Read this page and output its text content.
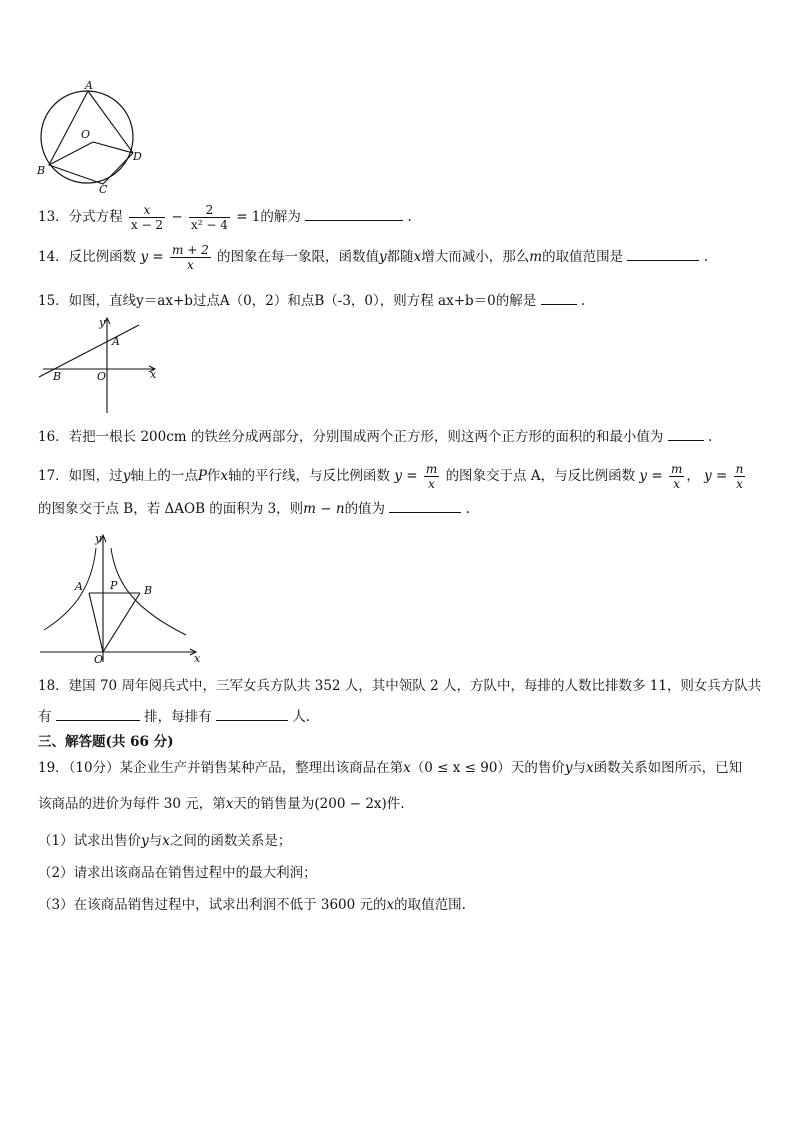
A
O
B
C
D
13．分式方程 $\frac{x}{x - 2} - \frac{2}{\text{x² − 4}} = 1$的解为	.
14．反比例函数 $y = \frac{m + 2}{x}$ 的图象在每一象限，函数值y都随x增大而减小，那么m的取值范围是	.
15．如图，直线y＝ax+b过点A（0，2）和点B（-3，0），则方程 ax+b＝0的解是	.
y
A
B	O	x
16．若把一根长 200cm 的铁丝分成两部分，分别围成两个正方形，则这两个正方形的面积的和最小值为	.
17．如图，过y轴上的一点P作x轴的平行线，与反比例函数 $y = \frac{m}{x}$ 的图象交于点 A，与反比例函数 $y = \frac{m}{x}$ ， $y = \frac{n}{x}$
的图象交于点 B，若 ΔAOB 的面积为 3，则m − n的值为	.
y
A P B
O	x
18．建国 70 周年阅兵式中，三军女兵方队共 352 人，其中领队 2 人，方队中，每排的人数比排数多 11，则女兵方队共
有	排，每排有	人.
三、解答题(共 66 分)
19．（10分）某企业生产并销售某种产品，整理出该商品在第x（0 ≤ x ≤ 90）天的售价y与x函数关系如图所示，已知
该商品的进价为每件 30 元，第x天的销售量为(200 − 2x)件.
（1）试求出售价y与x之间的函数关系是；
（2）请求出该商品在销售过程中的最大利润；
（3）在该商品销售过程中，试求出利润不低于 3600 元的x的取值范围.
